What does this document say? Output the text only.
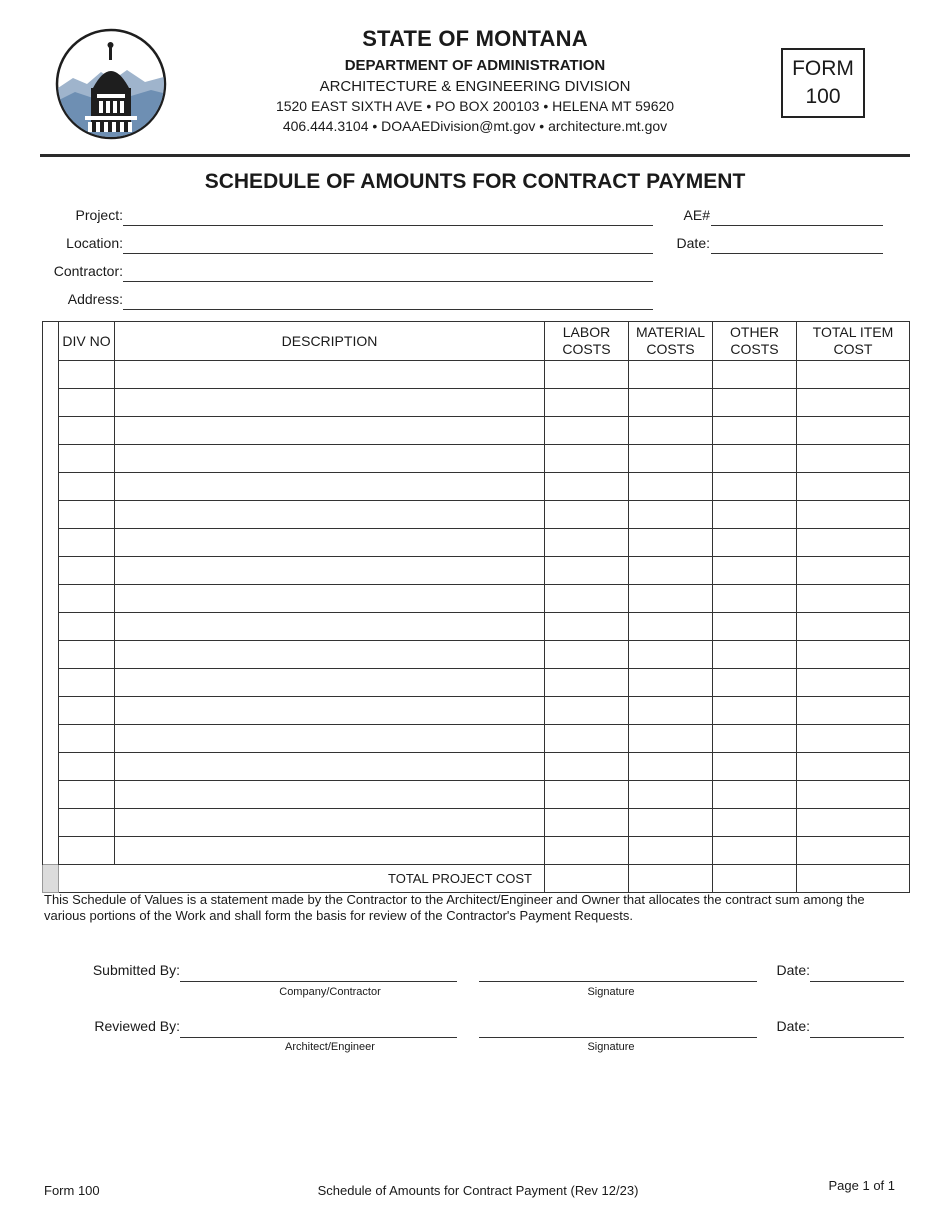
STATE OF MONTANA
DEPARTMENT OF ADMINISTRATION
ARCHITECTURE & ENGINEERING DIVISION
1520 EAST SIXTH AVE • PO BOX 200103 • HELENA MT 59620
406.444.3104 • DOAAEDivision@mt.gov • architecture.mt.gov
FORM
100
SCHEDULE OF AMOUNTS FOR CONTRACT PAYMENT
Project:
Location:
Contractor:
Address:
AE#
Date:
	DIV NO	DESCRIPTION	LABOR COSTS	MATERIAL COSTS	OTHER COSTS	TOTAL ITEM COST

	TOTAL PROJECT COST					
This Schedule of Values is a statement made by the Contractor to the Architect/Engineer and Owner that allocates the contract sum among the various portions of the Work and shall form the basis for review of the Contractor's Payment Requests.
Submitted By:
Company/Contractor	Signature
Date:
Reviewed By:
Architect/Engineer	Signature
Date:
Form 100	Schedule of Amounts for Contract Payment (Rev 12/23)	Page 1 of 1
